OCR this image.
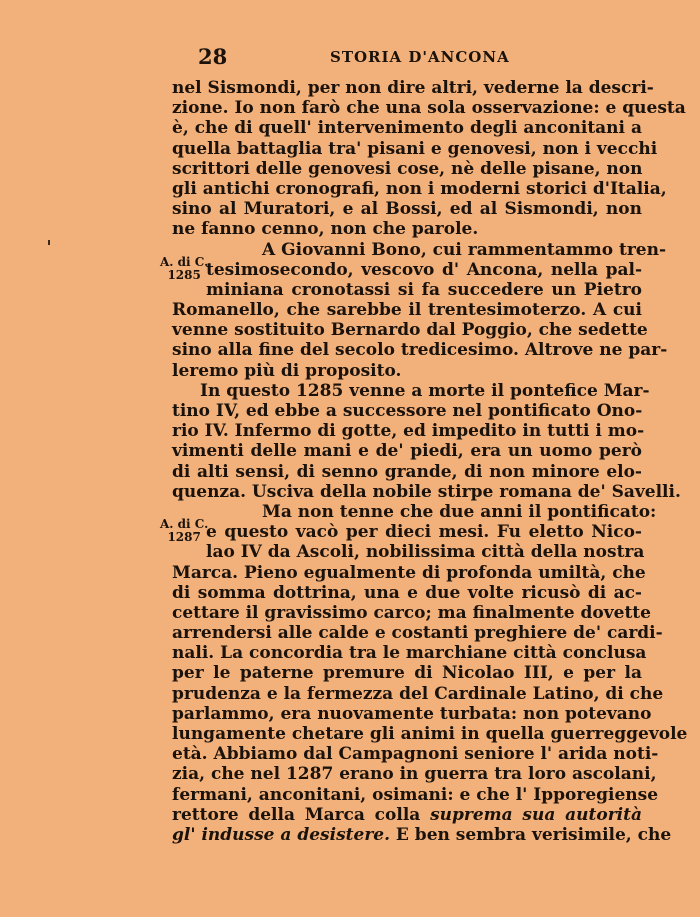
28	STORIA D'ANCONA
A. di C.
1285
A. di C.
1287
nel Sismondi, per non dire altri, vederne la descri-
zione. Io non farò che una sola osservazione: e questa
è, che di quell' intervenimento degli anconitani a
quella battaglia tra' pisani e genovesi, non i vecchi
scrittori delle genovesi cose, nè delle pisane, non
gli antichi cronografi, non i moderni storici d'Italia,
sino al Muratori, e al Bossi, ed al Sismondi, non
ne fanno cenno, non che parole.
A Giovanni Bono, cui rammentammo tren-
tesimosecondo, vescovo d' Ancona, nella pal-
miniana cronotassi si fa succedere un Pietro
Romanello, che sarebbe il trentesimoterzo. A cui
venne sostituito Bernardo dal Poggio, che sedette
sino alla fine del secolo tredicesimo. Altrove ne par-
leremo più di proposito.
In questo 1285 venne a morte il pontefice Mar-
tino IV, ed ebbe a successore nel pontificato Ono-
rio IV. Infermo di gotte, ed impedito in tutti i mo-
vimenti delle mani e de' piedi, era un uomo però
di alti sensi, di senno grande, di non minore elo-
quenza. Usciva della nobile stirpe romana de' Savelli.
Ma non tenne che due anni il pontificato:
e questo vacò per dieci mesi. Fu eletto Nico-
lao IV da Ascoli, nobilissima città della nostra
Marca. Pieno egualmente di profonda umiltà, che
di somma dottrina, una e due volte ricusò di ac-
cettare il gravissimo carco; ma finalmente dovette
arrendersi alle calde e costanti preghiere de' cardi-
nali. La concordia tra le marchiane città conclusa
per le paterne premure di Nicolao III, e per la
prudenza e la fermezza del Cardinale Latino, di che
parlammo, era nuovamente turbata: non potevano
lungamente chetare gli animi in quella guerreggevole
età. Abbiamo dal Campagnoni seniore l' arida noti-
zia, che nel 1287 erano in guerra tra loro ascolani,
fermani, anconitani, osimani: e che l' Ipporegiense
rettore della Marca colla suprema sua autorità
gl' indusse a desistere. E ben sembra verisimile, che
